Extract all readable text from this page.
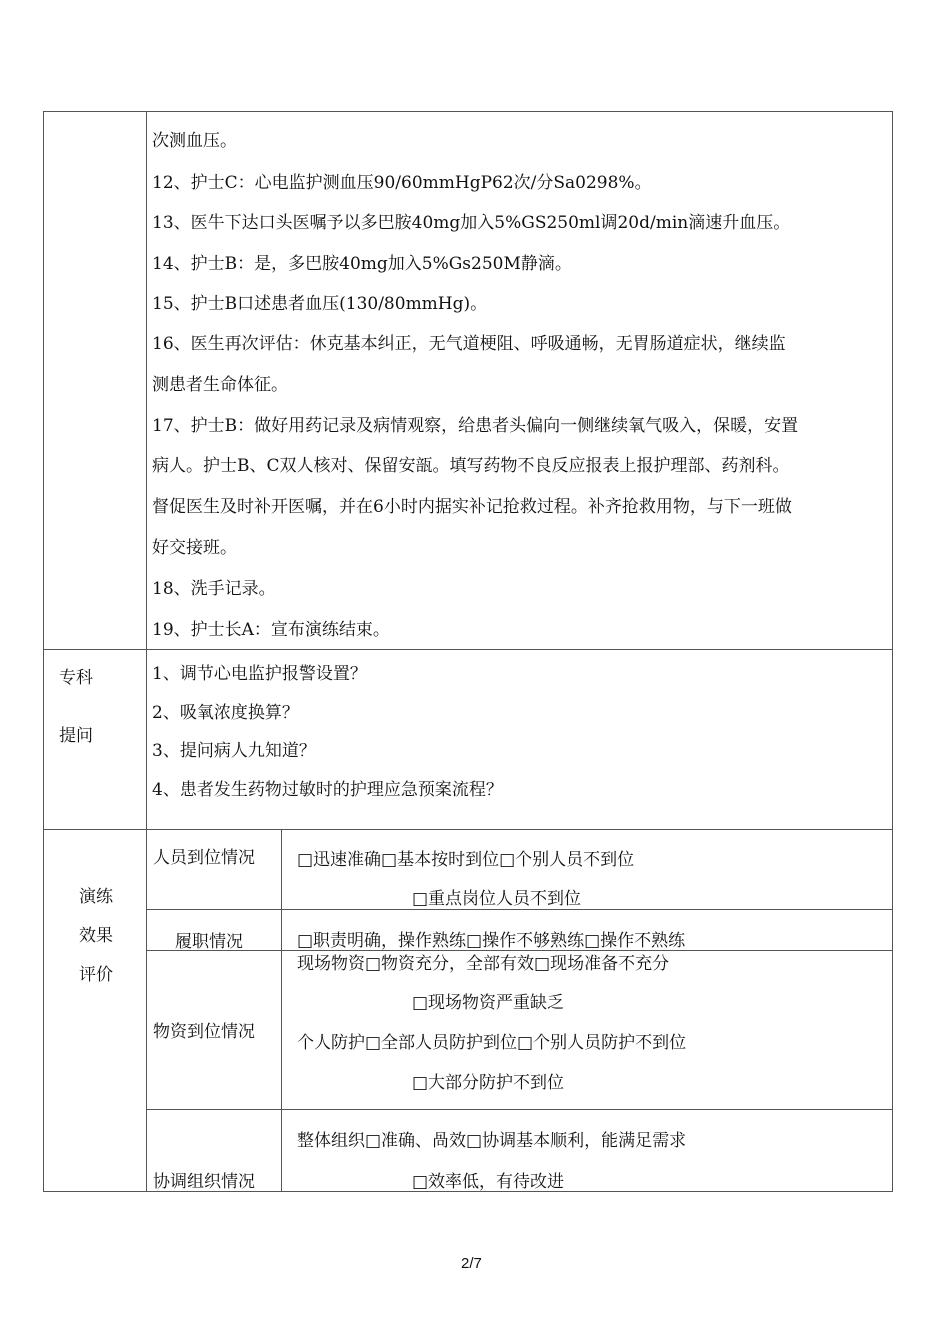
次测血压。
12、护士C：心电监护测血压90/60mmHgP62次/分Sa0298%。
13、医牛下达口头医嘱予以多巴胺40mg加入5%GS250ml调20d/min滴速升血压。
14、护士B：是，多巴胺40mg加入5%Gs250M静滴。
15、护士B口述患者血压(130/80mmHg)。
16、医生再次评估：休克基本纠正，无气道梗阻、呼吸通畅，无胃肠道症状，继续监
测患者生命体征。
17、护士B：做好用药记录及病情观察，给患者头偏向一侧继续氧气吸入，保暖，安置
病人。护士B、C双人核对、保留安瓿。填写药物不良反应报表上报护理部、药剂科。
督促医生及时补开医嘱，并在6小时内据实补记抢救过程。补齐抢救用物，与下一班做
好交接班。
18、洗手记录。
19、护士长A：宣布演练结束。
专科
提问
1、调节心电监护报警设置？
2、吸氧浓度换算？
3、提问病人九知道？
4、患者发生药物过敏时的护理应急预案流程？
演练
效果
评价
人员到位情况 □迅速准确□基本按时到位□个别人员不到位
□重点岗位人员不到位
履职情况	□职责明确，操作熟练□操作不够熟练□操作不熟练
物资到位情况
现场物资□物资充分，全部有效□现场准备不充分
□现场物资严重缺乏
个人防护□全部人员防护到位□个别人员防护不到位
□大部分防护不到位
协调组织情况
整体组织□准确、咼效□协调基本顺利，能满足需求
□效率低，有待改进
2/7
